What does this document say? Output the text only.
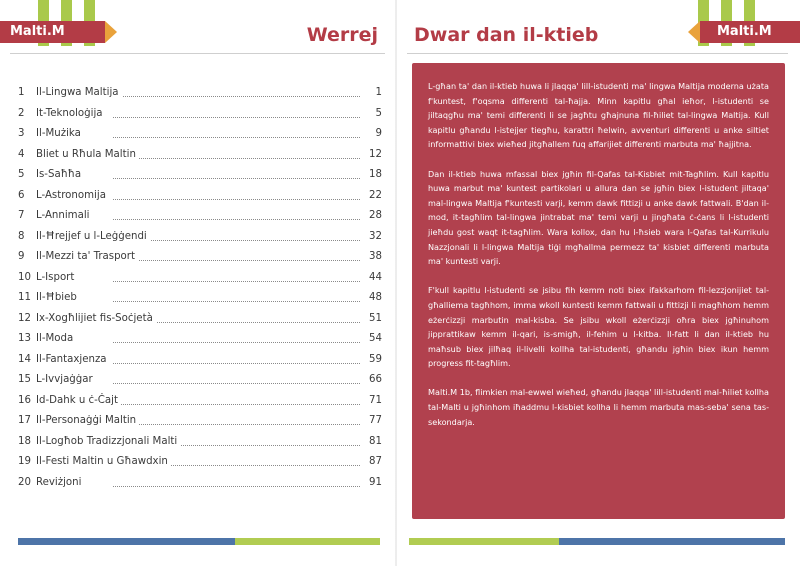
Malti.M	Werrej
1	Il-Lingwa Maltija	1
2	It-Teknoloġija	5
3	Il-Mużika	9
4	Bliet u Rħula Maltin	12
5	Is-Saħħa	18
6	L-Astronomija	22
7	L-Annimali	28
8	Il-Ħrejjef u l-Leġġendi	32
9	Il-Mezzi ta' Trasport	38
10 L-Isport	44
11 Il-Ħbieb	48
12 Ix-Xogħlijiet fis-Soċjetà	51
13 Il-Moda	54
14 Il-Fantaxjenza	59
15 L-Ivvjaġġar	66
16 Id-Dahk u ċ-Ċajt	71
17 Il-Personaġġi Maltin	77
18 Il-Logħob Tradizzjonali Malti	81
19 Il-Festi Maltin u Għawdxin	87
20 Reviżjoni	91
Malti.M
Dwar dan il-ktieb

L-għan ta' dan il-ktieb huwa li jlaqqa' lill-istudenti ma' lingwa Maltija moderna użata f'kuntest, f'oqsma differenti tal-ħajja. Minn kapitlu għal ieħor, l-istudenti se jiltaqgħu ma' temi differenti li se jagħtu għajnuna fil-ħiliet tal-lingwa Maltija. Kull kapitlu għandu l-istejjer tiegħu, karattri ħelwin, avventuri differenti u anke siltiet informattivi biex wieħed jitgħallem fuq affarijiet differenti marbuta ma' ħajjitna.

Dan il-ktieb huwa mfassal biex jgħin fil-Qafas tal-Kisbiet mit-Tagħlim. Kull kapitlu huwa marbut ma' kuntest partikolari u allura dan se jgħin biex l-istudent jiltaqa' mal-lingwa Maltija f'kuntesti varji, kemm dawk fittizji u anke dawk fattwali. B'dan il-mod, it-tagħlim tal-lingwa jintrabat ma' temi varji u jingħata ċ-ċans li l-istudenti jieħdu gost waqt it-tagħlim. Wara kollox, dan hu l-ħsieb wara l-Qafas tal-Kurrikulu Nazzjonali li l-lingwa Maltija tiġi mgħallma permezz ta' kisbiet differenti marbuta ma' kuntesti varji.

F'kull kapitlu l-istudenti se jsibu fih kemm noti biex ifakkarhom fil-lezzjonijiet tal-għalliema tagħhom, imma wkoll kuntesti kemm fattwali u fittizji li magħhom hemm eżerċizzji marbutin mal-kisba. Se jsibu wkoll eżerċizzji oħra biex jgħinuhom jipprattikaw kemm il-qari, is-smigħ, il-fehim u l-kitba. Il-fatt li dan il-ktieb hu maħsub biex jilħaq il-livelli kollha tal-istudenti, għandu jgħin biex ikun hemm progress fit-tagħlim.

Malti.M 1b, flimkien mal-ewwel wieħed, għandu jlaqqa' lill-istudenti mal-ħiliet kollha tal-Malti u jgħinhom iħaddmu l-kisbiet kollha li hemm marbuta mas-seba' sena tas-sekondarja.
